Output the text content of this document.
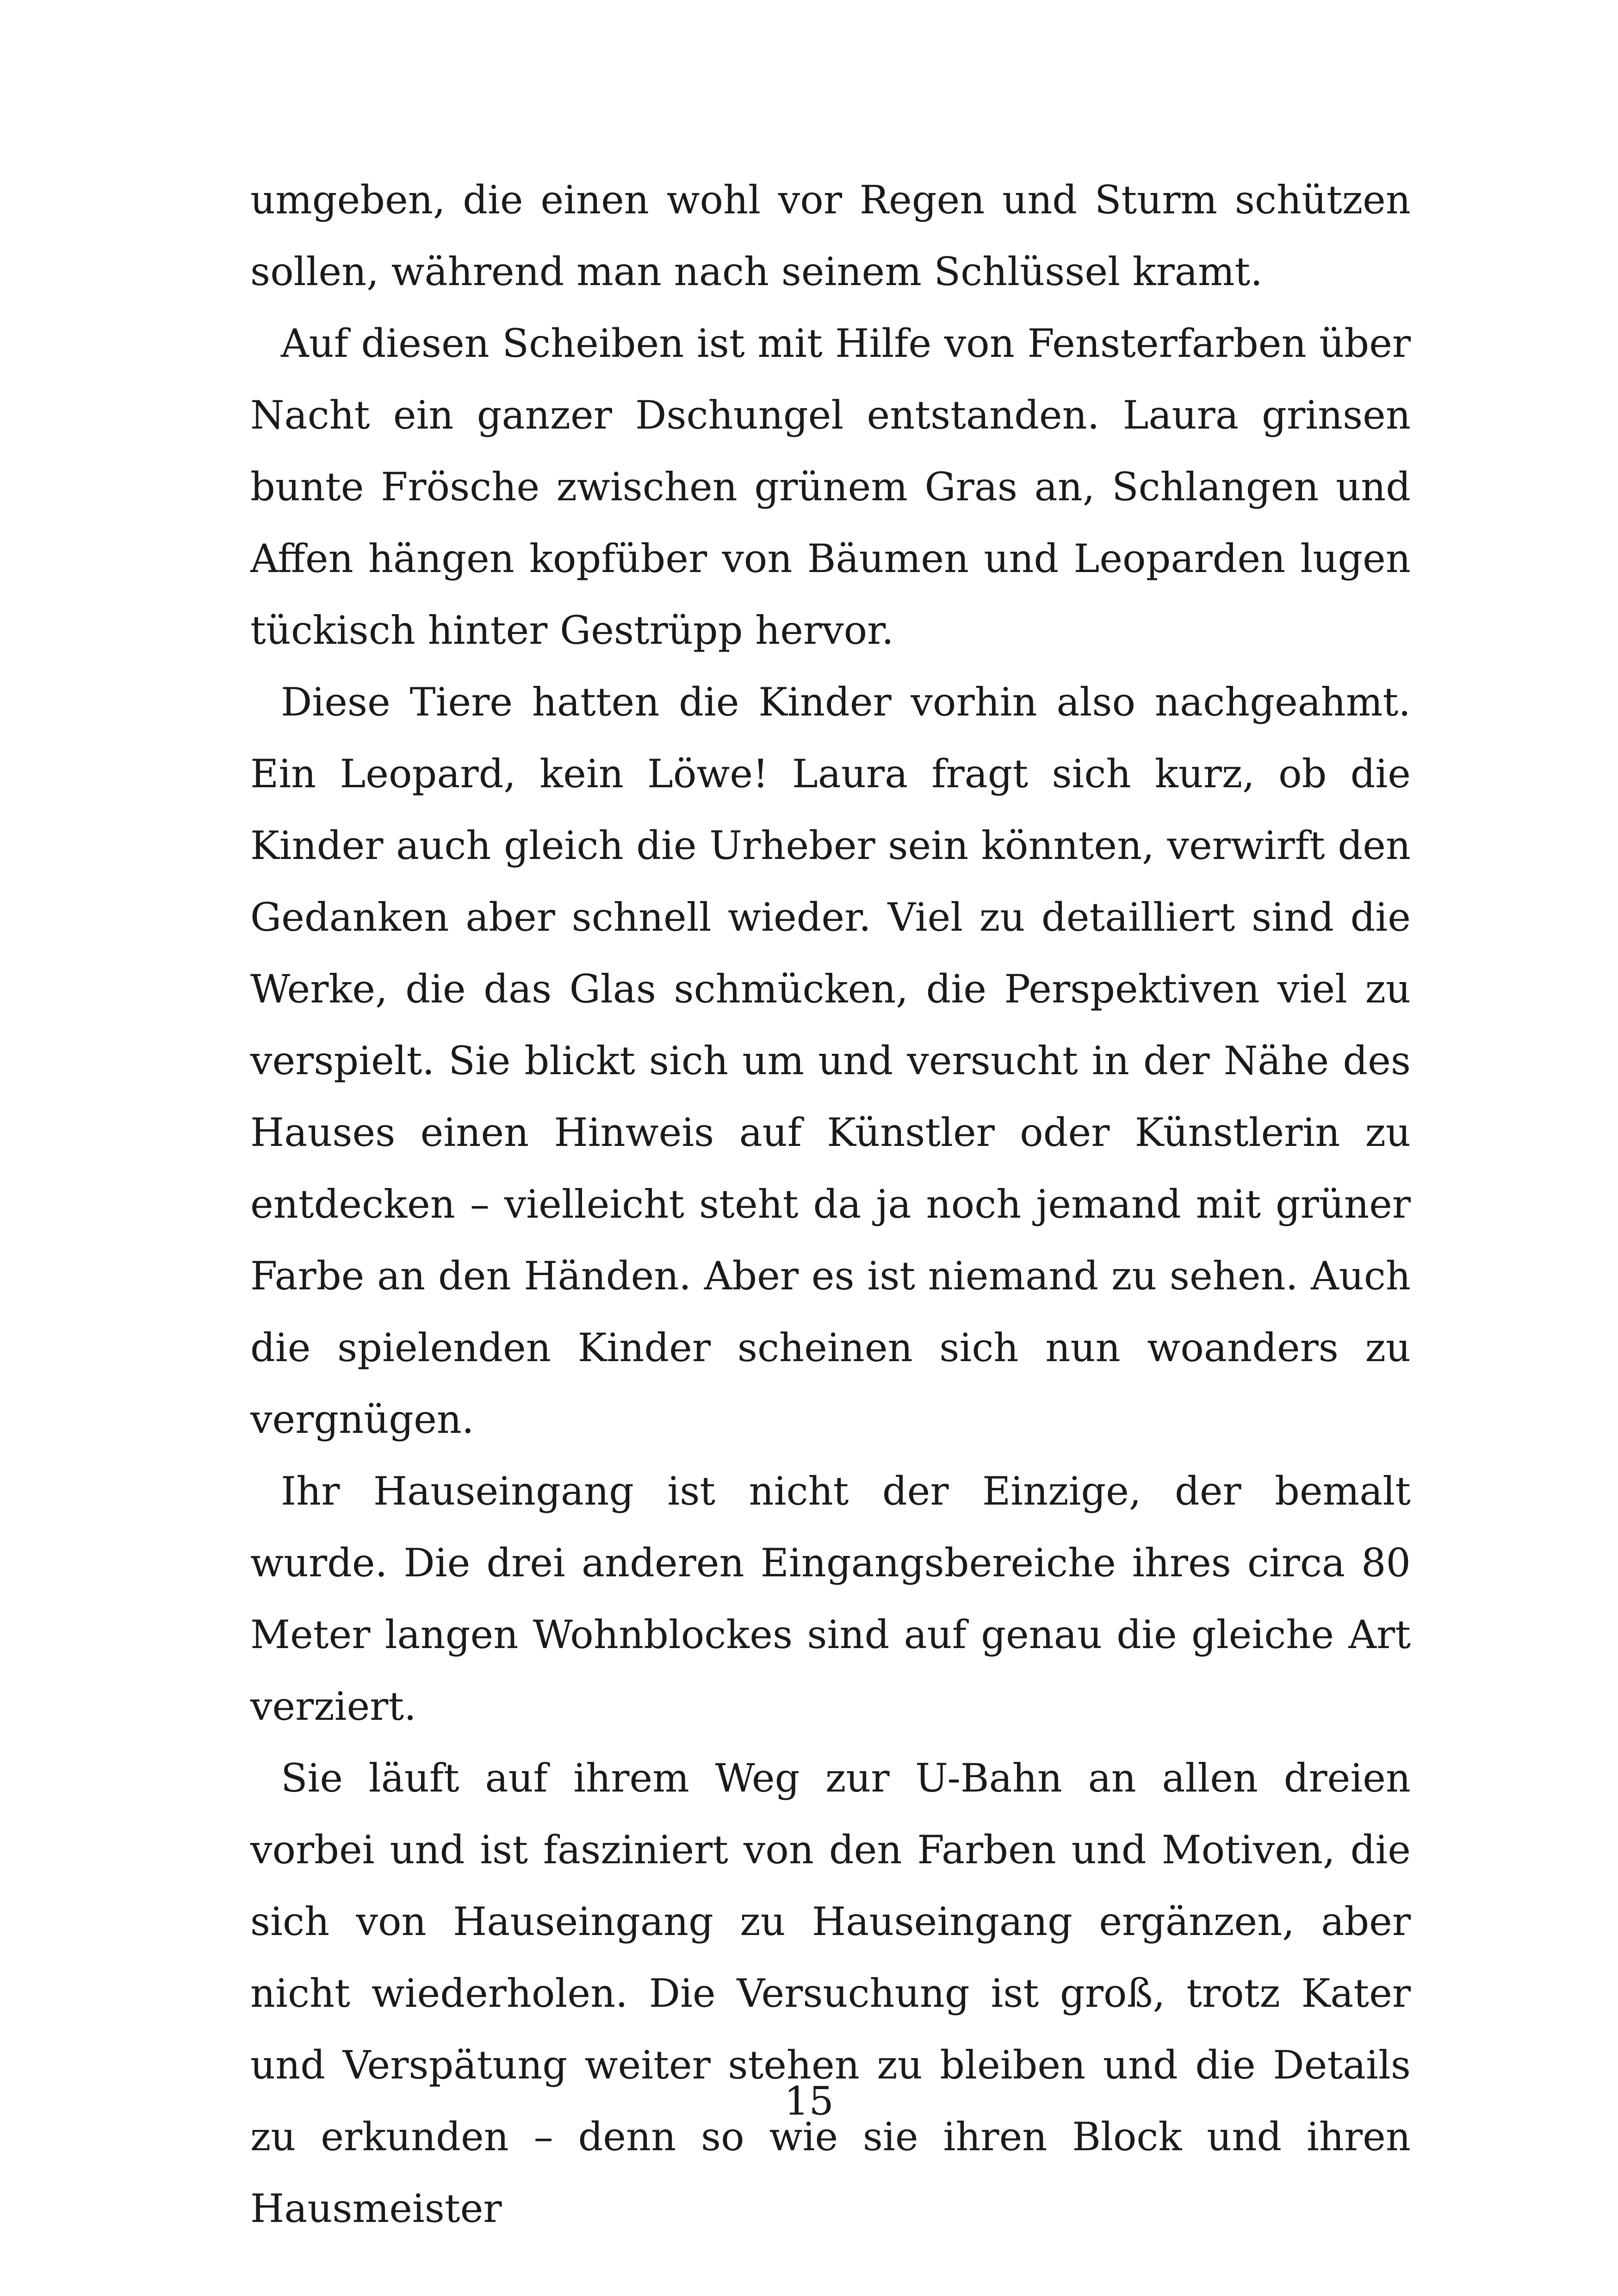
umgeben, die einen wohl vor Regen und Sturm schützen sollen, während man nach seinem Schlüssel kramt.

Auf diesen Scheiben ist mit Hilfe von Fensterfarben über Nacht ein ganzer Dschungel entstanden. Laura grinsen bunte Frösche zwischen grünem Gras an, Schlangen und Affen hängen kopfüber von Bäumen und Leoparden lugen tückisch hinter Gestrüpp hervor.

Diese Tiere hatten die Kinder vorhin also nachgeahmt. Ein Leopard, kein Löwe! Laura fragt sich kurz, ob die Kinder auch gleich die Urheber sein könnten, verwirft den Gedanken aber schnell wieder. Viel zu detailliert sind die Werke, die das Glas schmücken, die Perspektiven viel zu verspielt. Sie blickt sich um und versucht in der Nähe des Hauses einen Hinweis auf Künstler oder Künstlerin zu entdecken – vielleicht steht da ja noch jemand mit grüner Farbe an den Händen. Aber es ist niemand zu sehen. Auch die spielenden Kinder scheinen sich nun woanders zu vergnügen.

Ihr Hauseingang ist nicht der Einzige, der bemalt wurde. Die drei anderen Eingangsbereiche ihres circa 80 Meter langen Wohnblockes sind auf genau die gleiche Art verziert.

Sie läuft auf ihrem Weg zur U-Bahn an allen dreien vorbei und ist fasziniert von den Farben und Motiven, die sich von Hauseingang zu Hauseingang ergänzen, aber nicht wiederholen. Die Versuchung ist groß, trotz Kater und Verspätung weiter stehen zu bleiben und die Details zu erkunden – denn so wie sie ihren Block und ihren Hausmeister

15
